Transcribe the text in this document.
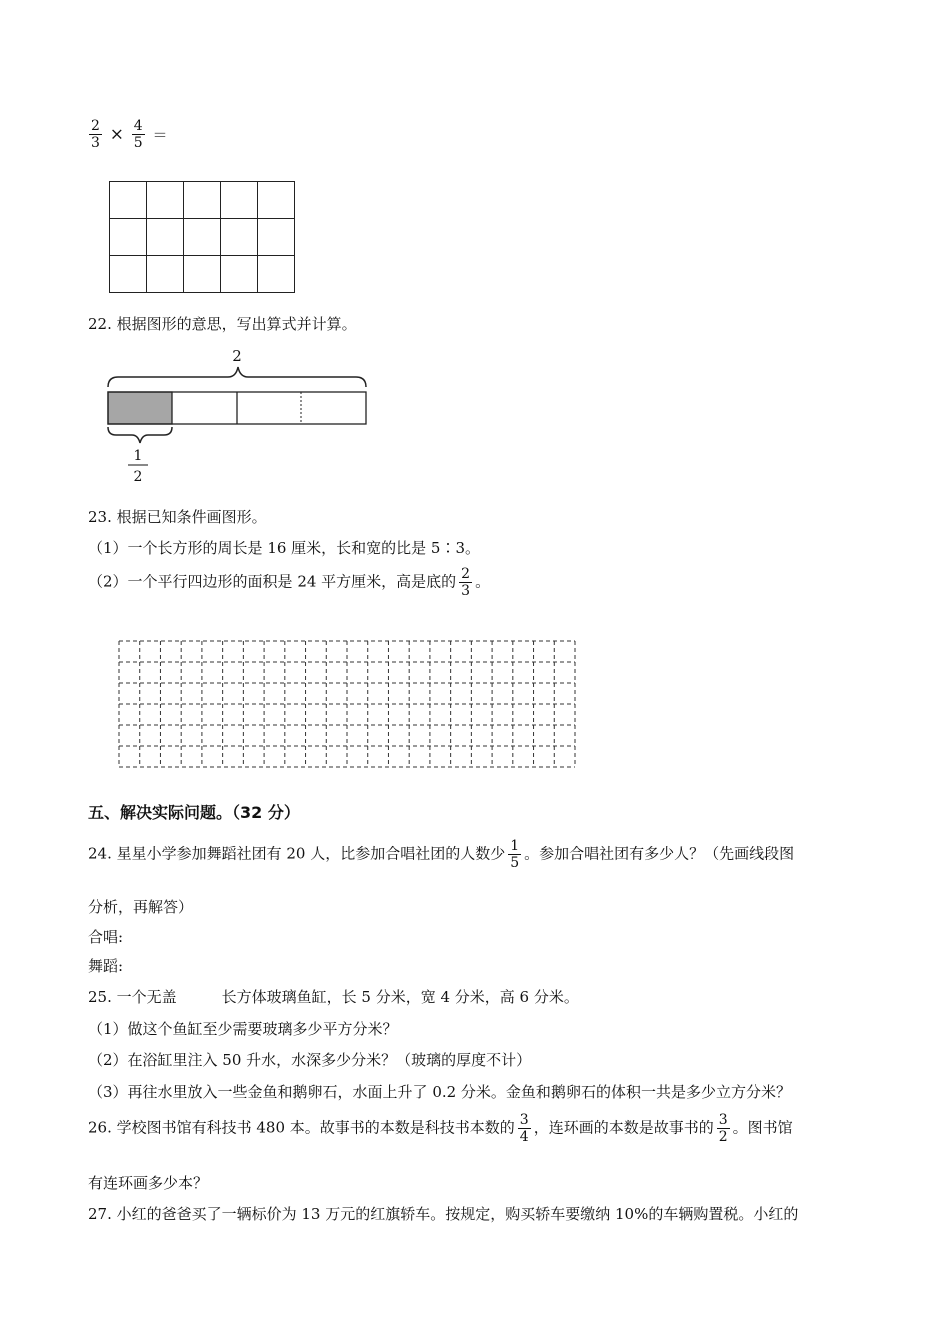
$\frac{2}{3} \times \frac{4}{5}$ ＝

22. 根据图形的意思，写出算式并计算。
2
1
2
23. 根据已知条件画图形。
（1）一个长方形的周长是 16 厘米，长和宽的比是 5∶3。
（2）一个平行四边形的面积是 24 平方厘米，高是底的 $\frac{2}{3}$ 。
五、解决实际问题。（32 分）
24. 星星小学参加舞蹈社团有 20 人，比参加合唱社团的人数少 $\frac{1}{5}$ 。参加合唱社团有多少人？（先画线段图
分析，再解答）
合唱:
舞蹈:
25. 一个无盖　　　长方体玻璃鱼缸，长 5 分米，宽 4 分米，高 6 分米。
（1）做这个鱼缸至少需要玻璃多少平方分米？
（2）在浴缸里注入 50 升水，水深多少分米？（玻璃的厚度不计）
（3）再往水里放入一些金鱼和鹅卵石，水面上升了 0.2 分米。金鱼和鹅卵石的体积一共是多少立方分米？
26. 学校图书馆有科技书 480 本。故事书的本数是科技书本数的 $\frac{3}{4}$ ，连环画的本数是故事书的 $\frac{3}{2}$ 。图书馆
有连环画多少本？
27. 小红的爸爸买了一辆标价为 13 万元的红旗轿车。按规定，购买轿车要缴纳 10%的车辆购置税。小红的
